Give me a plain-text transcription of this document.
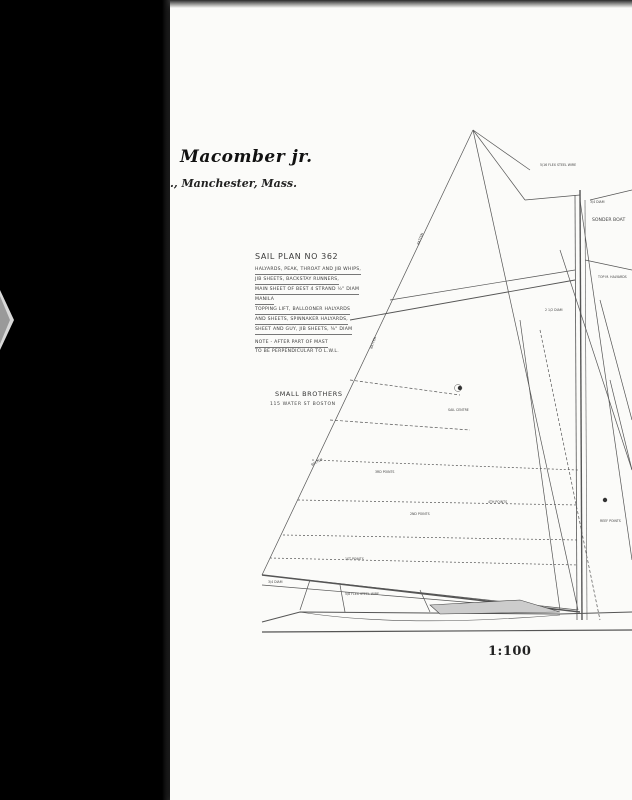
Macomber jr.
., Manchester, Mass.
SAIL PLAN NO 362
HALYARDS, PEAK, THROAT AND JIB WHIPS,
JIB SHEETS, BACKSTAY RUNNERS,
MAIN SHEET OF BEST 4 STRAND ½" DIAM
MANILA
TOPPING LIFT, BALLOONER HALYARDS
AND SHEETS, SPINNAKER HALYARDS,
SHEET AND GUY, JIB SHEETS, ⅜" DIAM
NOTE - AFTER PART OF MAST
TO BE PERPENDICULAR TO L.W.L.
SMALL BROTHERS
115 WATER ST BOSTON
5/16 FLEX STEEL WIRE
SONDER BOAT
3/4 DIAM
BATTEN
BATTEN
BATTEN
SAIL CENTRE
4TH POINTS
3RD POINTS
2ND POINTS
1ST POINTS
REEF POINTS
5/8 FLEX STEEL WIRE
3/4 DIAM
2 1/2 DIAM
TOP M. HALYARDS
1:100
